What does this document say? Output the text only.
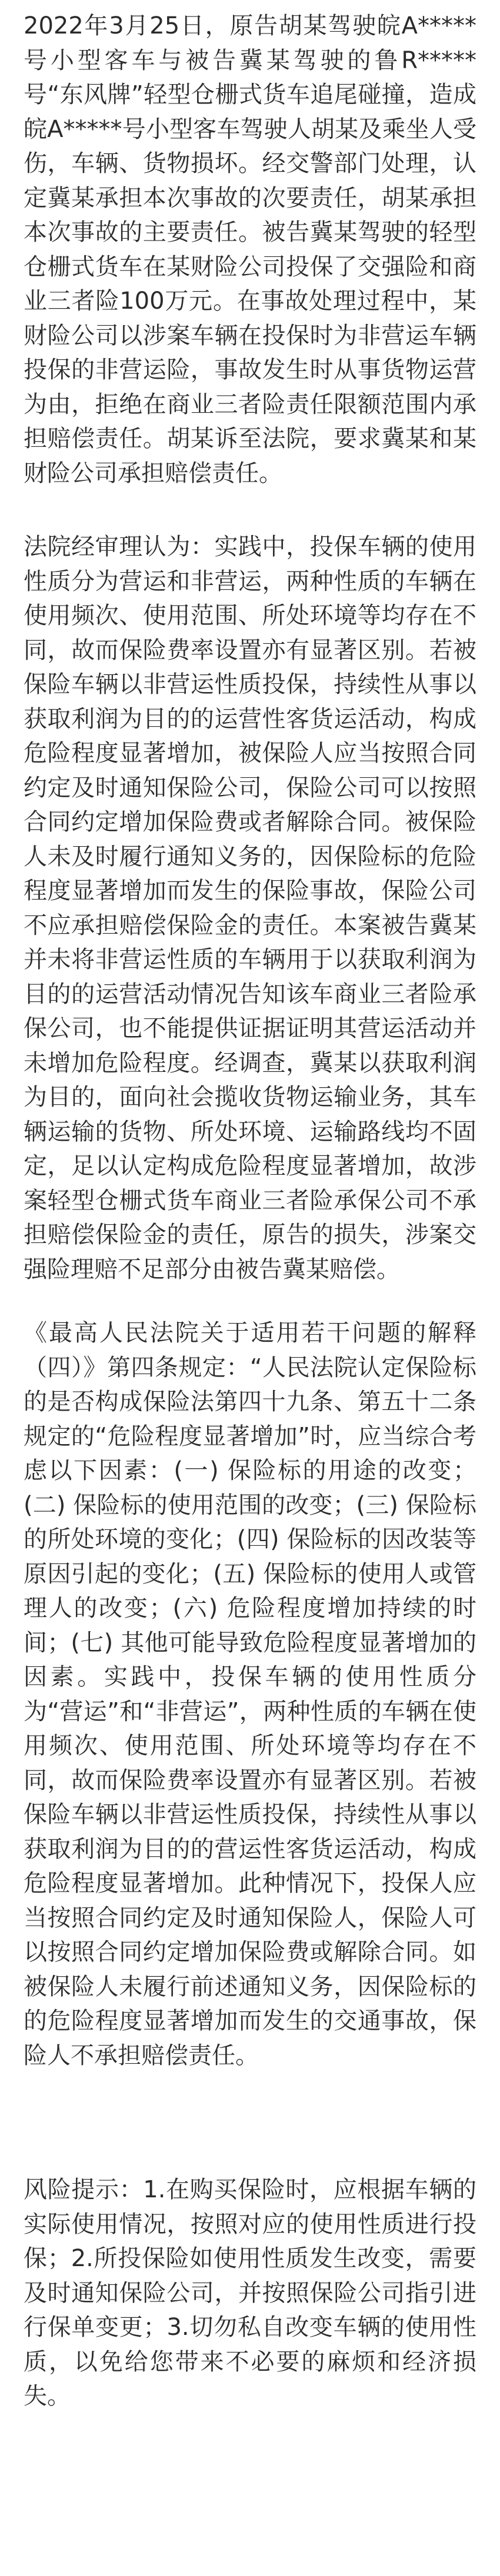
2022年3月25日，原告胡某驾驶皖A*****号小型客车与被告冀某驾驶的鲁R*****号“东风牌”轻型仓栅式货车追尾碰撞，造成皖A*****号小型客车驾驶人胡某及乘坐人受伤，车辆、货物损坏。经交警部门处理，认定冀某承担本次事故的次要责任，胡某承担本次事故的主要责任。被告冀某驾驶的轻型仓栅式货车在某财险公司投保了交强险和商业三者险100万元。在事故处理过程中，某财险公司以涉案车辆在投保时为非营运车辆投保的非营运险，事故发生时从事货物运营为由，拒绝在商业三者险责任限额范围内承担赔偿责任。胡某诉至法院，要求冀某和某财险公司承担赔偿责任。

法院经审理认为：实践中，投保车辆的使用性质分为营运和非营运，两种性质的车辆在使用频次、使用范围、所处环境等均存在不同，故而保险费率设置亦有显著区别。若被保险车辆以非营运性质投保，持续性从事以获取利润为目的的运营性客货运活动，构成危险程度显著增加，被保险人应当按照合同约定及时通知保险公司，保险公司可以按照合同约定增加保险费或者解除合同。被保险人未及时履行通知义务的，因保险标的危险程度显著增加而发生的保险事故，保险公司不应承担赔偿保险金的责任。本案被告冀某并未将非营运性质的车辆用于以获取利润为目的的运营活动情况告知该车商业三者险承保公司，也不能提供证据证明其营运活动并未增加危险程度。经调查，冀某以获取利润为目的，面向社会揽收货物运输业务，其车辆运输的货物、所处环境、运输路线均不固定，足以认定构成危险程度显著增加，故涉案轻型仓栅式货车商业三者险承保公司不承担赔偿保险金的责任，原告的损失，涉案交强险理赔不足部分由被告冀某赔偿。

《最高人民法院关于适用若干问题的解释（四）》第四条规定：“人民法院认定保险标的是否构成保险法第四十九条、第五十二条规定的“危险程度显著增加”时，应当综合考虑以下因素：(一) 保险标的用途的改变；(二) 保险标的使用范围的改变；(三) 保险标的所处环境的变化；(四) 保险标的因改装等原因引起的变化；(五) 保险标的使用人或管理人的改变；(六) 危险程度增加持续的时间；(七) 其他可能导致危险程度显著增加的因素。实践中，投保车辆的使用性质分为“营运”和“非营运”，两种性质的车辆在使用频次、使用范围、所处环境等均存在不同，故而保险费率设置亦有显著区别。若被保险车辆以非营运性质投保，持续性从事以获取利润为目的的营运性客货运活动，构成危险程度显著增加。此种情况下，投保人应当按照合同约定及时通知保险人，保险人可以按照合同约定增加保险费或解除合同。如被保险人未履行前述通知义务，因保险标的的危险程度显著增加而发生的交通事故，保险人不承担赔偿责任。

风险提示：1.在购买保险时，应根据车辆的实际使用情况，按照对应的使用性质进行投保；2.所投保险如使用性质发生改变，需要及时通知保险公司，并按照保险公司指引进行保单变更；3.切勿私自改变车辆的使用性质，以免给您带来不必要的麻烦和经济损失。
